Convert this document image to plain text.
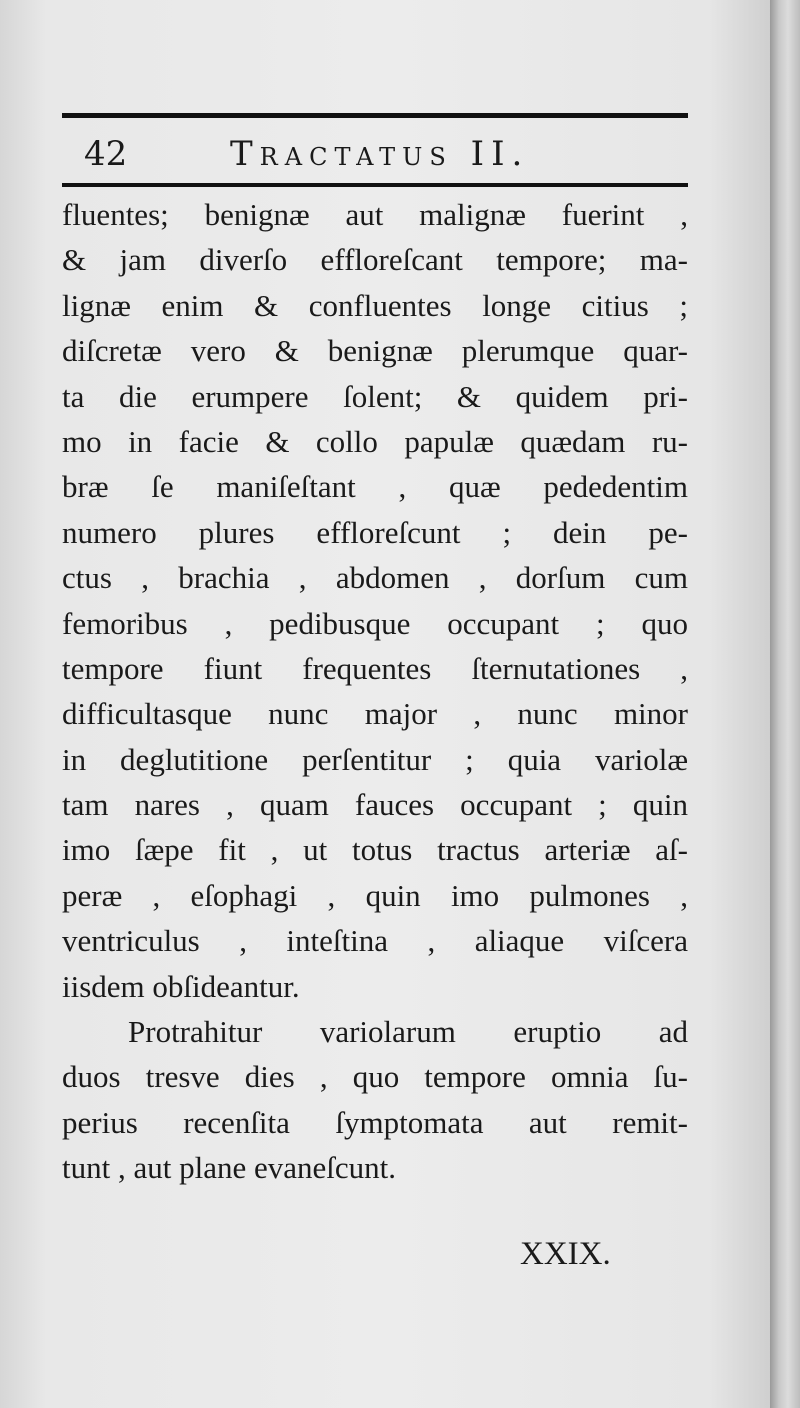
42	Tractatus II.
fluentes; benignæ aut malignæ fuerint ,
& jam diverſo effloreſcant tempore; ma-
lignæ enim & confluentes longe citius ;
diſcretæ vero & benignæ plerumque quar-
ta die erumpere ſolent; & quidem pri-
mo in facie & collo papulæ quædam ru-
bræ ſe maniſeſtant , quæ pededentim
numero plures effloreſcunt ; dein pe-
ctus , brachia , abdomen , dorſum cum
femoribus , pedibusque occupant ; quo
tempore fiunt frequentes ſternutationes ,
difficultasque nunc major , nunc minor
in deglutitione perſentitur ; quia variolæ
tam nares , quam fauces occupant ; quin
imo ſæpe fit , ut totus tractus arteriæ aſ-
peræ , eſophagi , quin imo pulmones ,
ventriculus , inteſtina , aliaque viſcera
iisdem obſideantur.
Protrahitur variolarum eruptio ad
duos tresve dies , quo tempore omnia ſu-
perius recenſita ſymptomata aut remit-
tunt , aut plane evaneſcunt.
XXIX.
